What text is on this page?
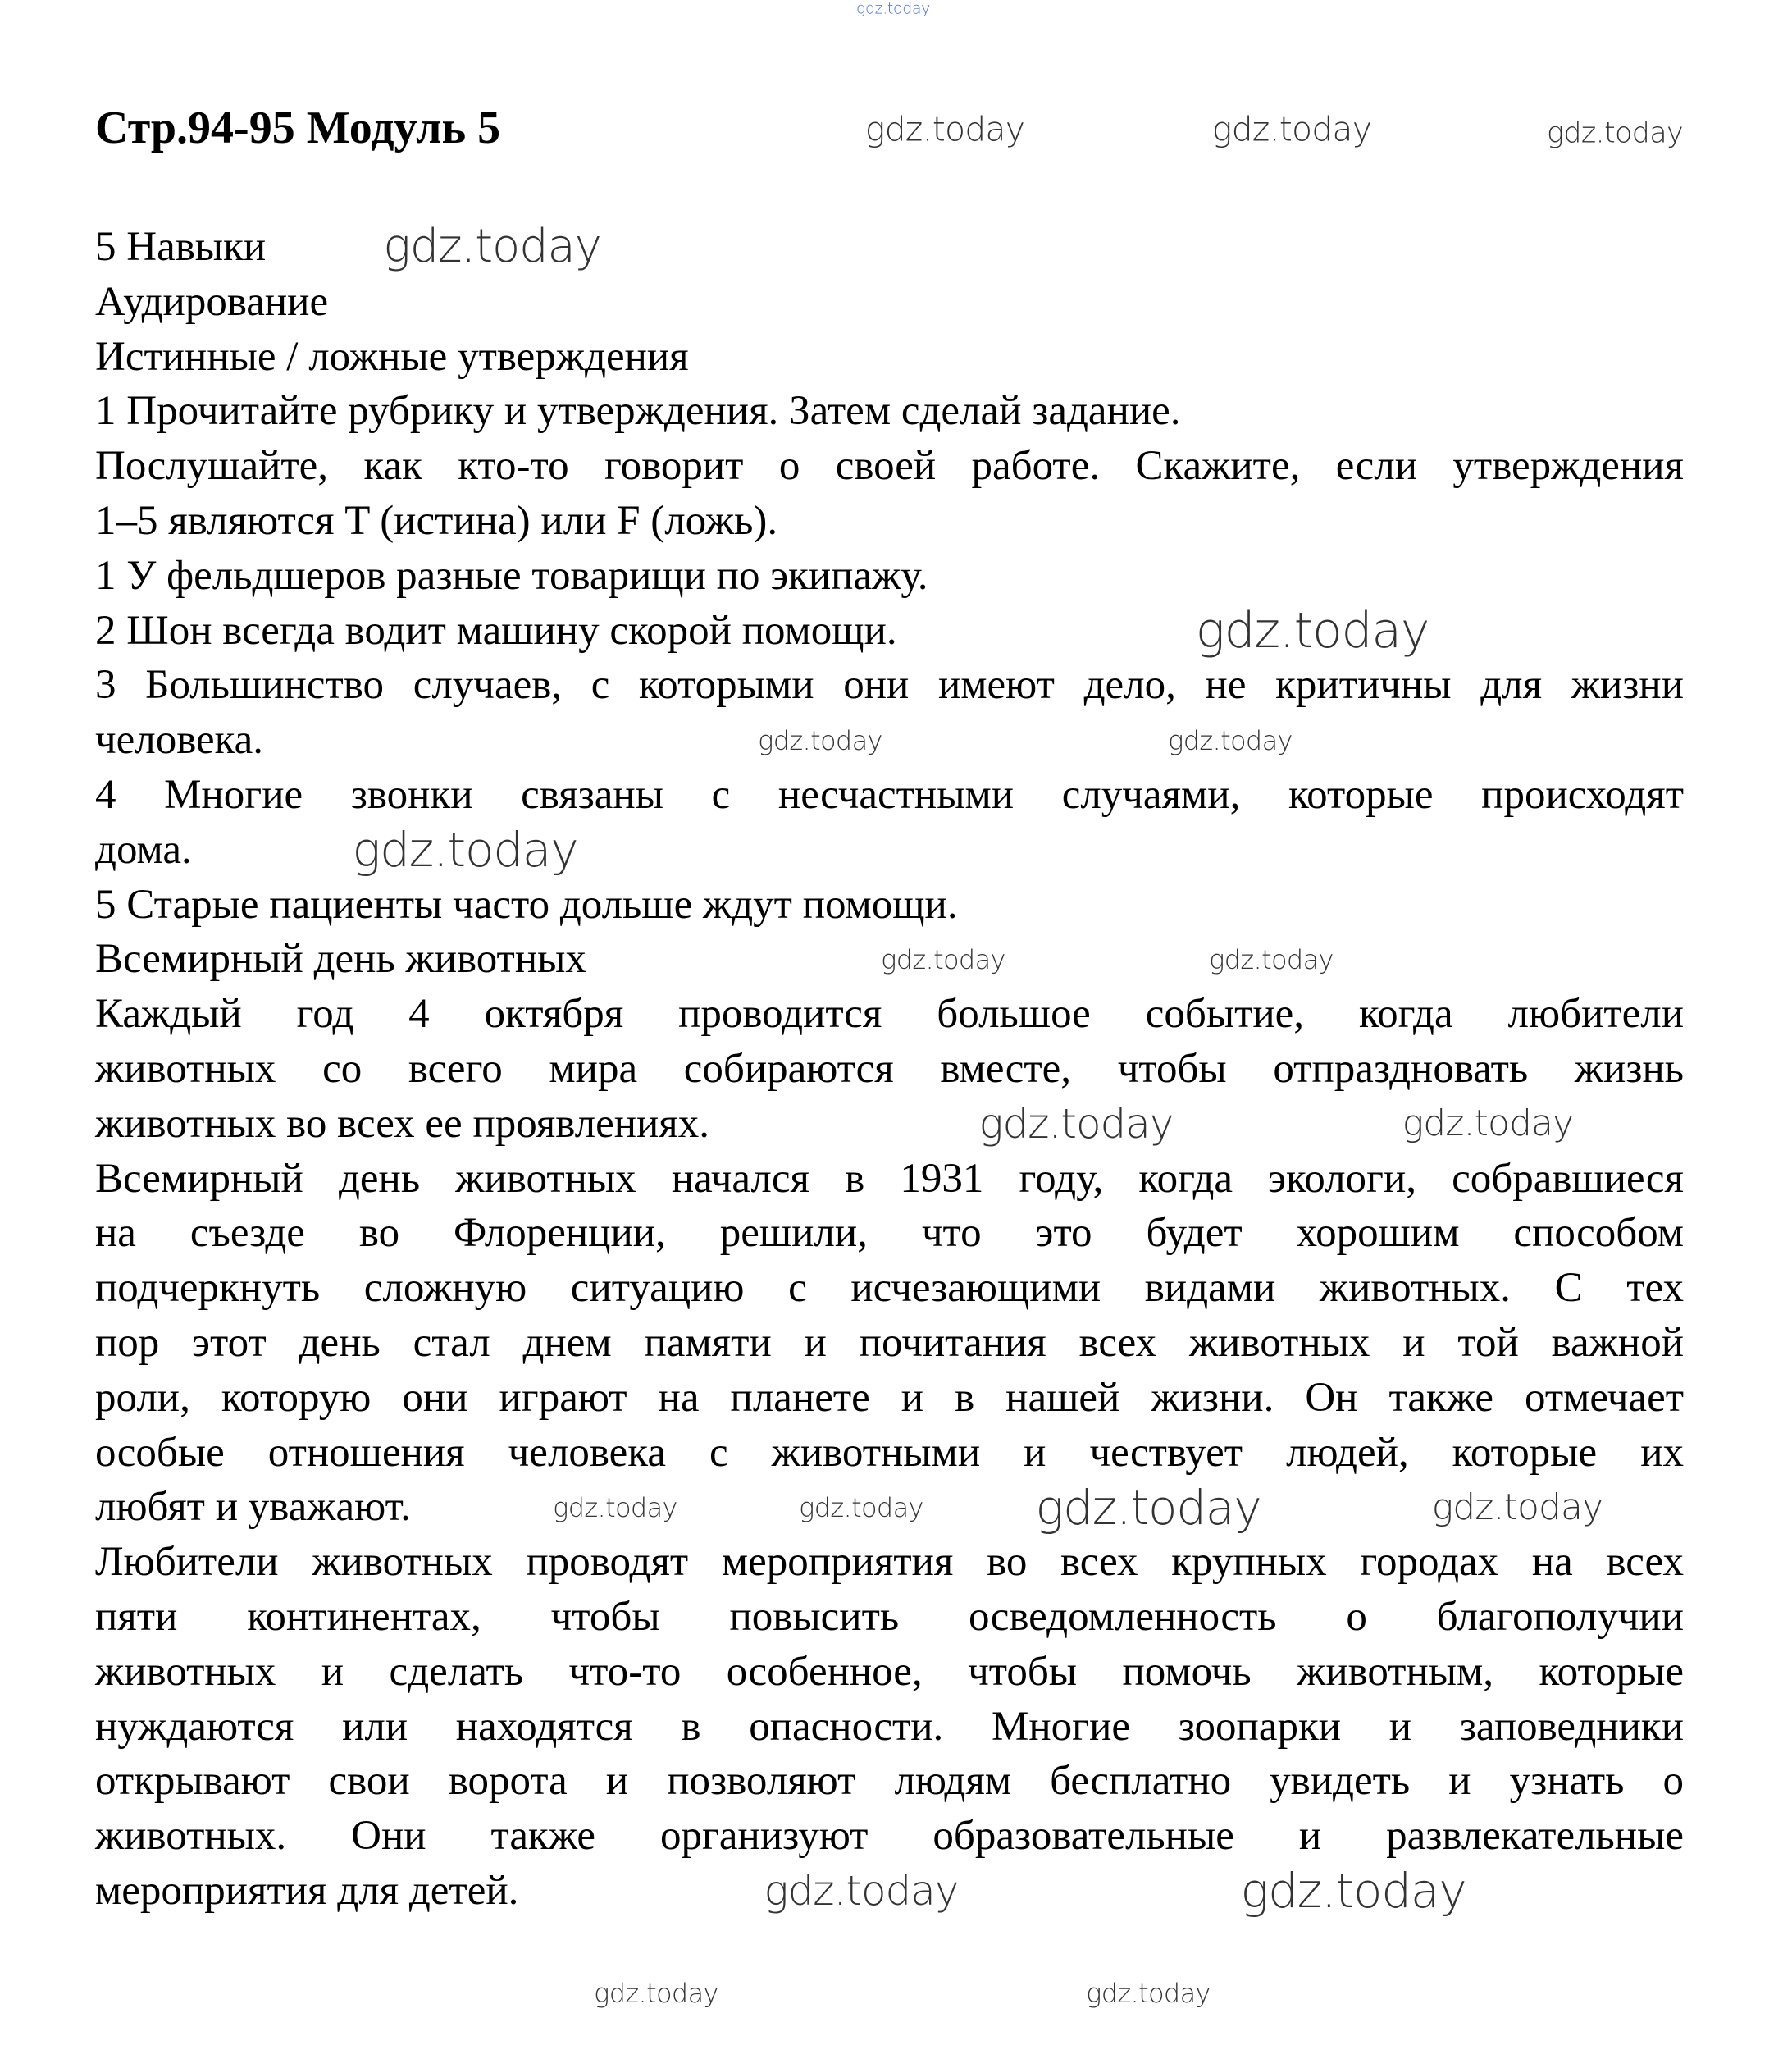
Стр.94-95 Модуль 5
5 Навыки
Аудирование
Истинные / ложные утверждения
1 Прочитайте рубрику и утверждения. Затем сделай задание.
Послушайте, как кто-то говорит о своей работе. Скажите, если утверждения
1–5 являются T (истина) или F (ложь).
1 У фельдшеров разные товарищи по экипажу.
2 Шон всегда водит машину скорой помощи.
3 Большинство случаев, с которыми они имеют дело, не критичны для жизни
человека.
4 Многие звонки связаны с несчастными случаями, которые происходят
дома.
5 Старые пациенты часто дольше ждут помощи.
Всемирный день животных
Каждый год 4 октября проводится большое событие, когда любители
животных со всего мира собираются вместе, чтобы отпраздновать жизнь
животных во всех ее проявлениях.
Всемирный день животных начался в 1931 году, когда экологи, собравшиеся
на съезде во Флоренции, решили, что это будет хорошим способом
подчеркнуть сложную ситуацию с исчезающими видами животных. С тех
пор этот день стал днем памяти и почитания всех животных и той важной
роли, которую они играют на планете и в нашей жизни. Он также отмечает
особые отношения человека с животными и чествует людей, которые их
любят и уважают.
Любители животных проводят мероприятия во всех крупных городах на всех
пяти континентах, чтобы повысить осведомленность о благополучии
животных и сделать что-то особенное, чтобы помочь животным, которые
нуждаются или находятся в опасности. Многие зоопарки и заповедники
открывают свои ворота и позволяют людям бесплатно увидеть и узнать о
животных. Они также организуют образовательные и развлекательные
мероприятия для детей.
gdz.today
gdz.today	gdz.today	gdz.today
gdz.today
gdz.today
gdz.today
gdz.today	gdz.today
gdz.today	gdz.today
gdz.today	gdz.today
gdz.today	gdz.today gdz.today	gdz.today
gdz.today	gdz.today
gdz.today	gdz.today
